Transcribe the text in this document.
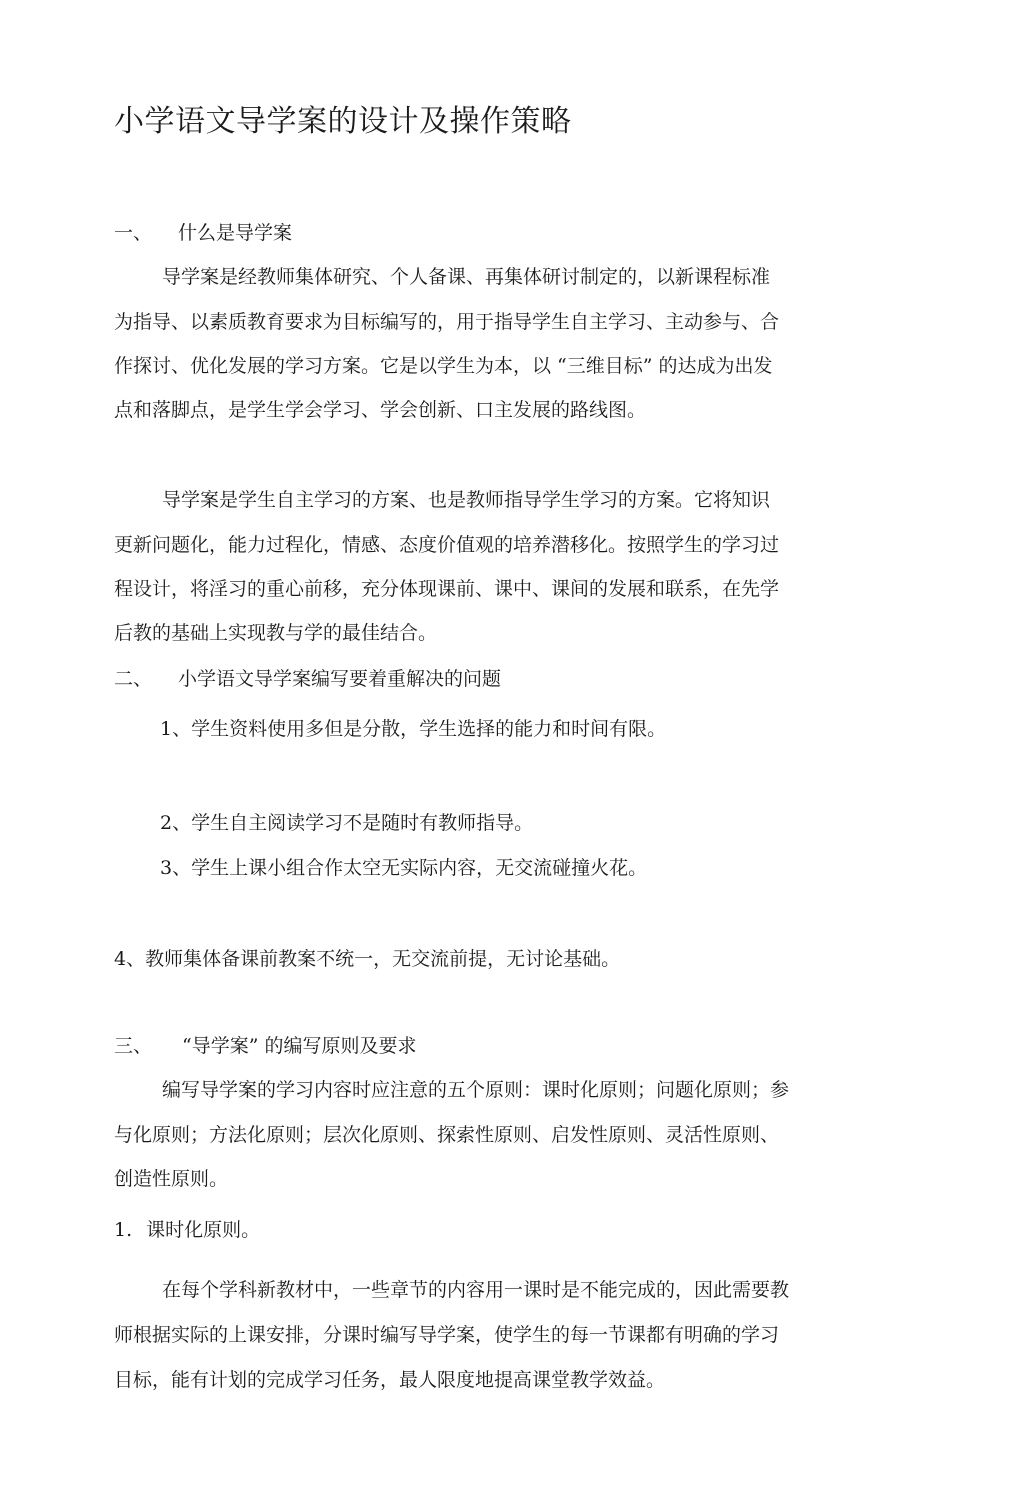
小学语文导学案的设计及操作策略
一、 什么是导学案
导学案是经教师集体研究、个人备课、再集体研讨制定的，以新课程标准
为指导、以素质教育要求为目标编写的，用于指导学生自主学习、主动参与、合
作探讨、优化发展的学习方案。它是以学生为本，以 “三维目标” 的达成为出发
点和落脚点，是学生学会学习、学会创新、口主发展的路线图。
导学案是学生自主学习的方案、也是教师指导学生学习的方案。它将知识
更新问题化，能力过程化，情感、态度价值观的培养潜移化。按照学生的学习过
程设计，将淫习的重心前移，充分体现课前、课中、课间的发展和联系，在先学
后教的基础上实现教与学的最佳结合。
二、 小学语文导学案编写要着重解决的问题
1、学生资料使用多但是分散，学生选择的能力和时间有限。
2、学生自主阅读学习不是随时有教师指导。
3、学生上课小组合作太空无实际内容，无交流碰撞火花。
4、教师集体备课前教案不统一，无交流前提，无讨论基础。
三、 “导学案” 的编写原则及要求
编写导学案的学习内容时应注意的五个原则：课时化原则；问题化原则；参
与化原则；方法化原则；层次化原则、探索性原则、启发性原则、灵活性原则、
创造性原则。
1. 课时化原则。
在每个学科新教材中，一些章节的内容用一课时是不能完成的，因此需要教
师根据实际的上课安排，分课时编写导学案，使学生的每一节课都有明确的学习
目标，能有计划的完成学习任务，最人限度地提高课堂教学效益。
